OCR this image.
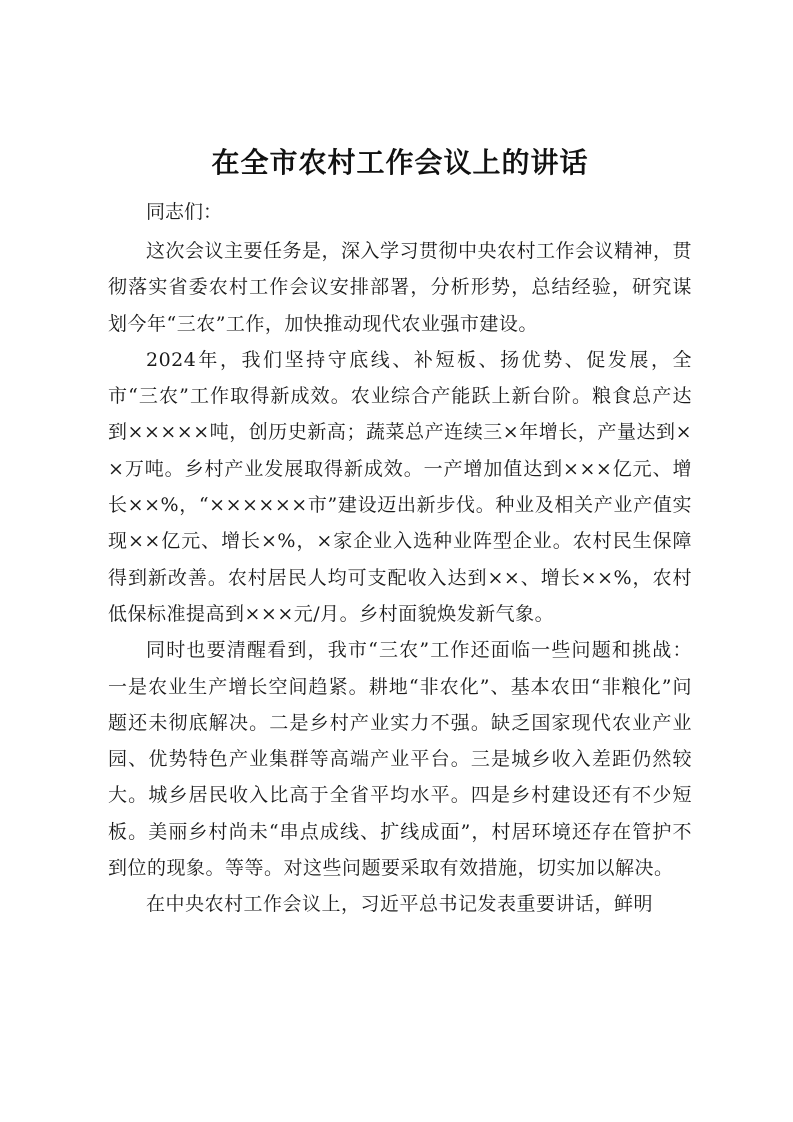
在全市农村工作会议上的讲话

同志们：

这次会议主要任务是，深入学习贯彻中央农村工作会议精神，贯彻落实省委农村工作会议安排部署，分析形势，总结经验，研究谋划今年“三农”工作，加快推动现代农业强市建设。

2024年，我们坚持守底线、补短板、扬优势、促发展，全市“三农”工作取得新成效。农业综合产能跃上新台阶。粮食总产达到×××××吨，创历史新高；蔬菜总产连续三×年增长，产量达到××万吨。乡村产业发展取得新成效。一产增加值达到×××亿元、增长××%，“××××××市”建设迈出新步伐。种业及相关产业产值实现××亿元、增长×%，×家企业入选种业阵型企业。农村民生保障得到新改善。农村居民人均可支配收入达到××、增长××%，农村低保标准提高到×××元/月。乡村面貌焕发新气象。

同时也要清醒看到，我市“三农”工作还面临一些问题和挑战：一是农业生产增长空间趋紧。耕地“非农化”、基本农田“非粮化”问题还未彻底解决。二是乡村产业实力不强。缺乏国家现代农业产业园、优势特色产业集群等高端产业平台。三是城乡收入差距仍然较大。城乡居民收入比高于全省平均水平。四是乡村建设还有不少短板。美丽乡村尚未“串点成线、扩线成面”，村居环境还存在管护不到位的现象。等等。对这些问题要采取有效措施，切实加以解决。

在中央农村工作会议上，习近平总书记发表重要讲话，鲜明
